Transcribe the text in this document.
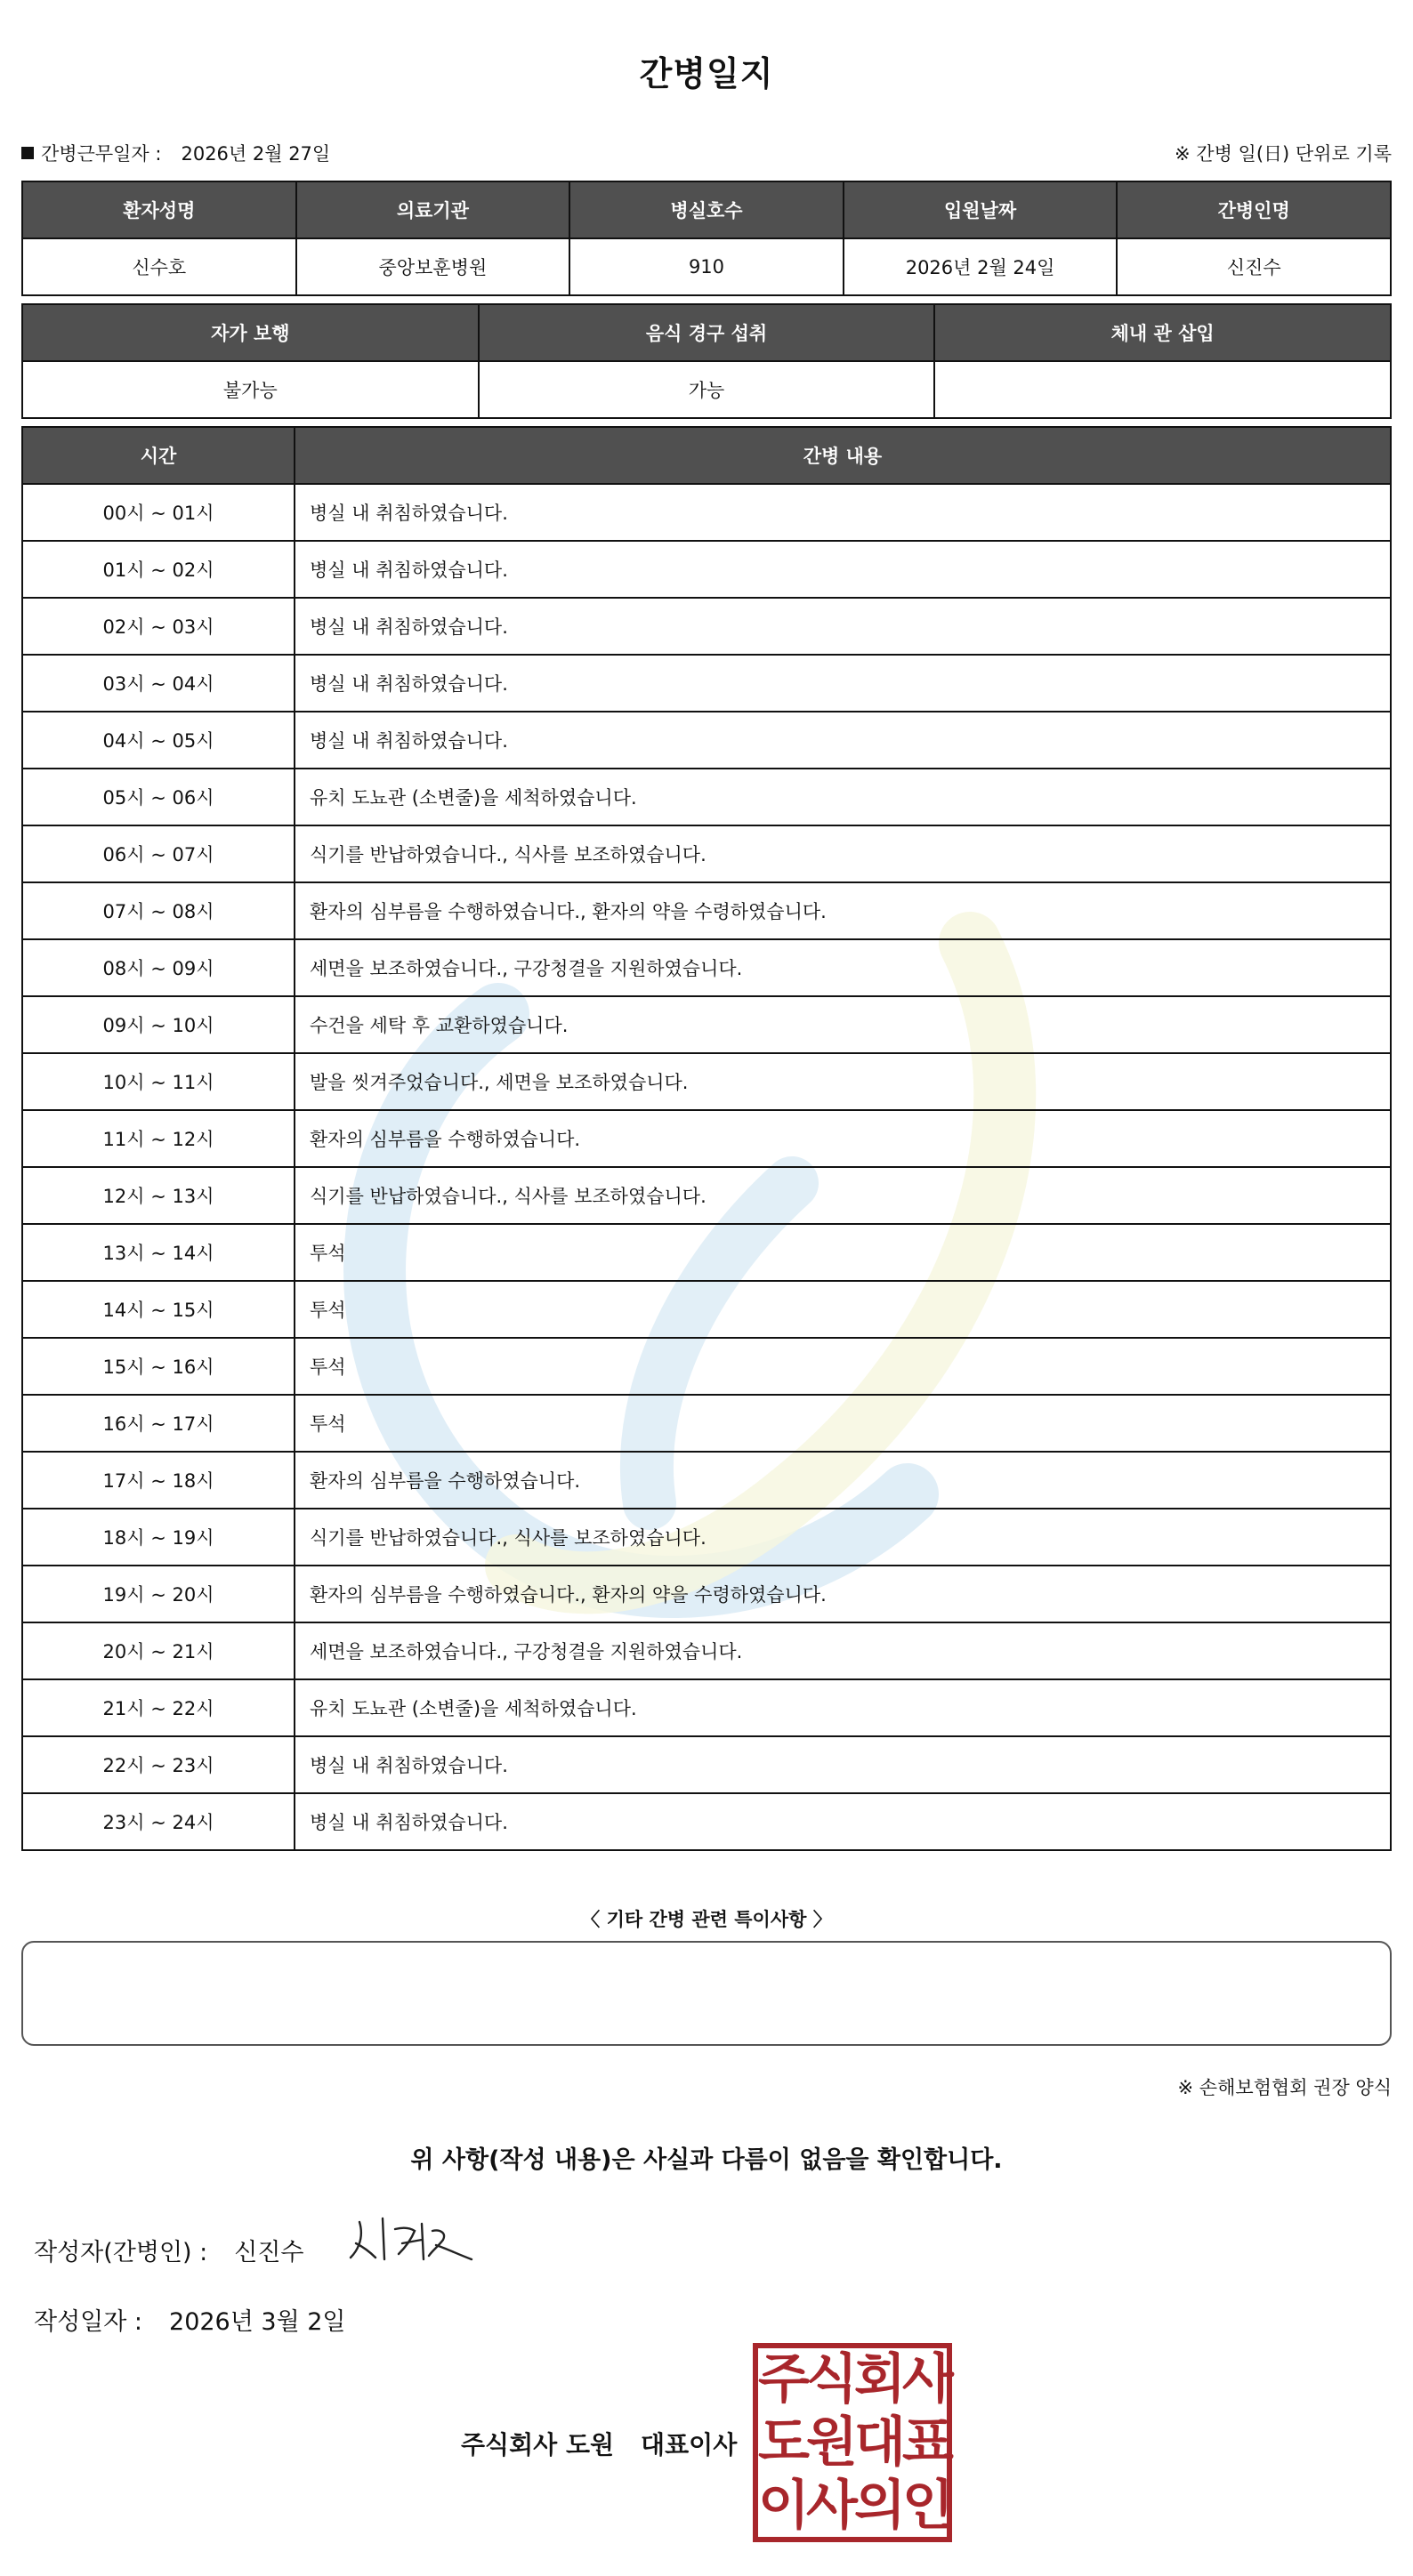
간병일지
간병근무일자 : 2026년 2월 27일	※ 간병 일(日) 단위로 기록
환자성명	의료기관	병실호수	입원날짜	간병인명
신수호	중앙보훈병원	910	2026년 2월 24일	신진수
자가 보행	음식 경구 섭취	체내 관 삽입
불가능	가능	
시간	간병 내용
00시 ~ 01시	병실 내 취침하였습니다.
01시 ~ 02시	병실 내 취침하였습니다.
02시 ~ 03시	병실 내 취침하였습니다.
03시 ~ 04시	병실 내 취침하였습니다.
04시 ~ 05시	병실 내 취침하였습니다.
05시 ~ 06시	유치 도뇨관 (소변줄)을 세척하였습니다.
06시 ~ 07시	식기를 반납하였습니다., 식사를 보조하였습니다.
07시 ~ 08시	환자의 심부름을 수행하였습니다., 환자의 약을 수령하였습니다.
08시 ~ 09시	세면을 보조하였습니다., 구강청결을 지원하였습니다.
09시 ~ 10시	수건을 세탁 후 교환하였습니다.
10시 ~ 11시	발을 씻겨주었습니다., 세면을 보조하였습니다.
11시 ~ 12시	환자의 심부름을 수행하였습니다.
12시 ~ 13시	식기를 반납하였습니다., 식사를 보조하였습니다.
13시 ~ 14시	투석
14시 ~ 15시	투석
15시 ~ 16시	투석
16시 ~ 17시	투석
17시 ~ 18시	환자의 심부름을 수행하였습니다.
18시 ~ 19시	식기를 반납하였습니다., 식사를 보조하였습니다.
19시 ~ 20시	환자의 심부름을 수행하였습니다., 환자의 약을 수령하였습니다.
20시 ~ 21시	세면을 보조하였습니다., 구강청결을 지원하였습니다.
21시 ~ 22시	유치 도뇨관 (소변줄)을 세척하였습니다.
22시 ~ 23시	병실 내 취침하였습니다.
23시 ~ 24시	병실 내 취침하였습니다.
〈 기타 간병 관련 특이사항 〉
※ 손해보험협회 권장 양식
위 사항(작성 내용)은 사실과 다름이 없음을 확인합니다.
작성자(간병인) : 신진수
작성일자 : 2026년 3월 2일
주식회사 도원 대표이사
주 식 회 사
도 원 대 표
이 사 의 인
